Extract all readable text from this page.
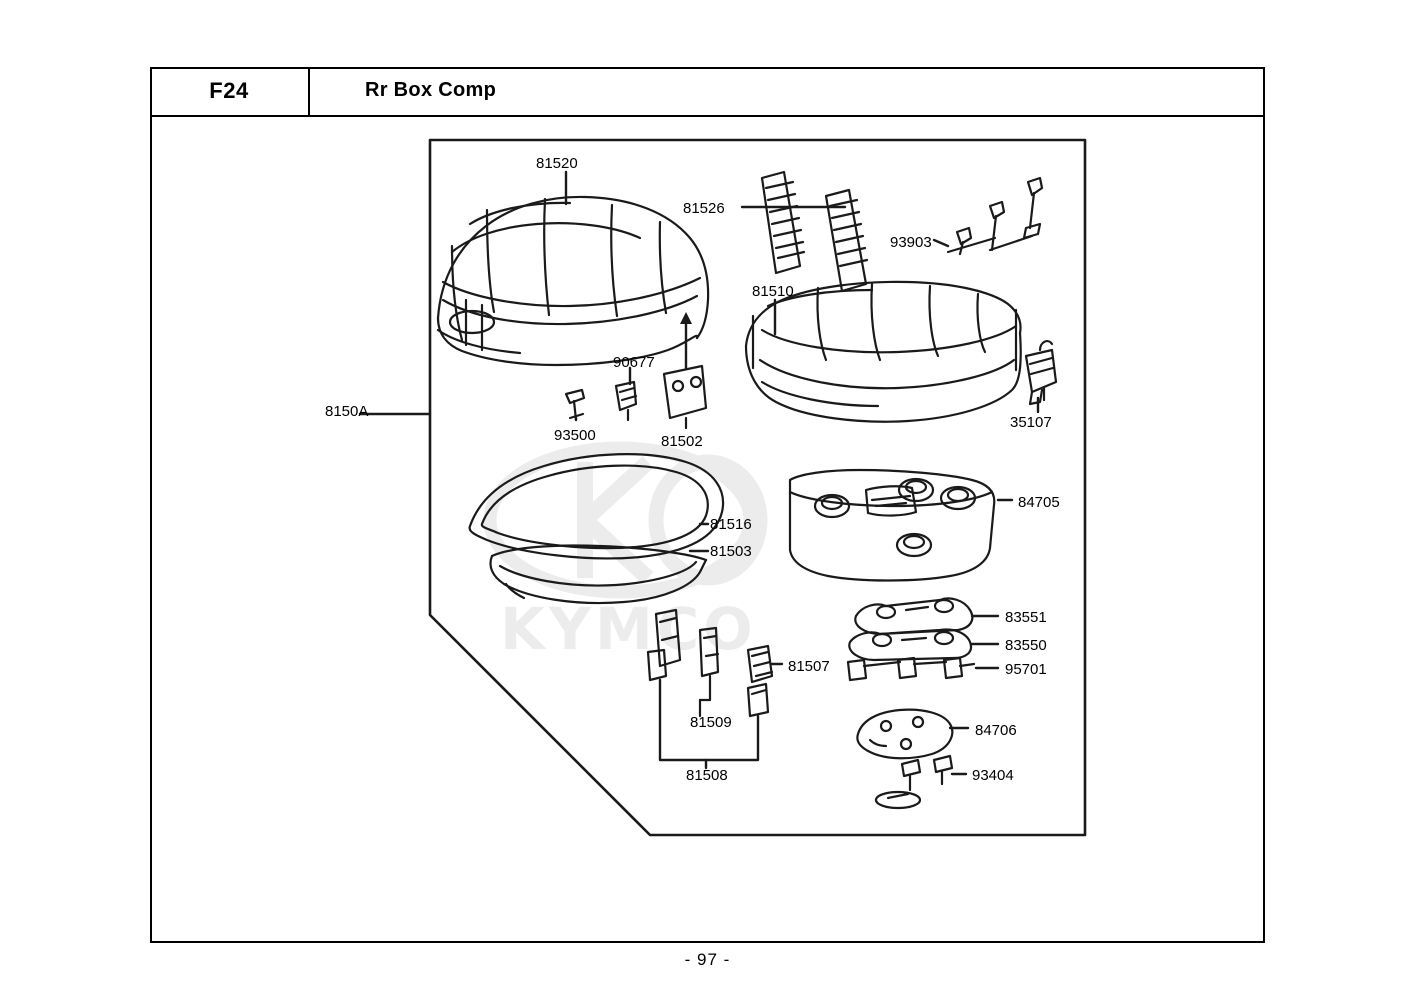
F24	Rr Box Comp
81520
81526
93903
81510
90677
93500	81502
35107
8150A
84705
81516
81503
83551
83550
95701
81507
81509
81508
84706
93404
- 97 -
